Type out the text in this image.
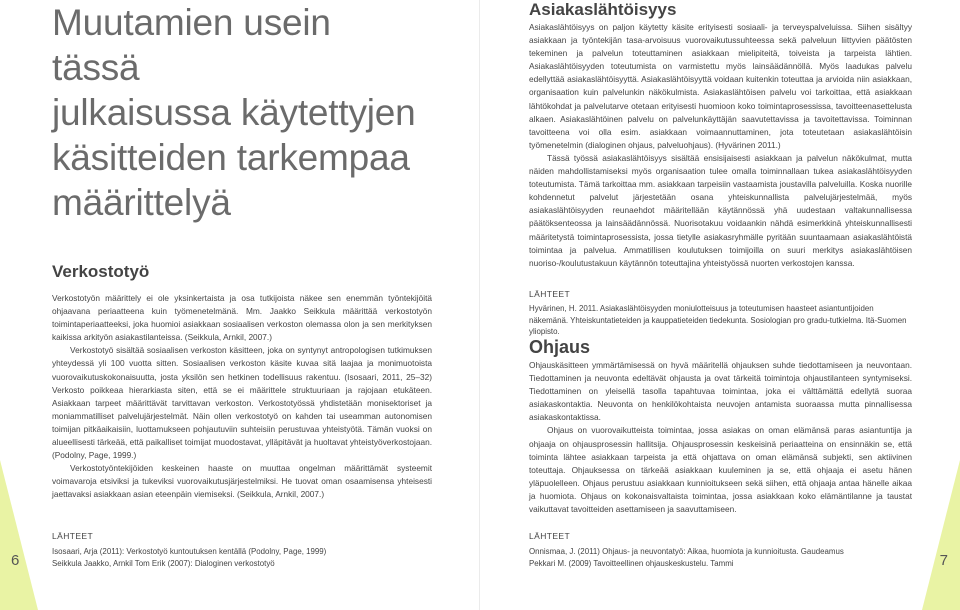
6
Muutamien usein tässä
julkaisussa käytettyjen
käsitteiden tarkempaa
määrittelyä
Verkostotyö

Verkostotyön määrittely ei ole yksinkertaista ja osa tutkijoista näkee sen enemmän työntekijöitä ohjaavana periaatteena kuin työmenetelmänä. Mm. Jaakko Seikkula määrittää verkostotyön toimintaperiaatteeksi, joka huomioi asiakkaan sosiaalisen verkoston olemassa olon ja sen merkityksen kaikissa arkityön asiakastilanteissa. (Seikkula, Arnkil, 2007.)

Verkostotyö sisältää sosiaalisen verkoston käsitteen, joka on syntynyt antropologisen tutkimuksen yhteydessä yli 100 vuotta sitten. Sosiaalisen verkoston käsite kuvaa sitä laajaa ja monimuotoista vuorovaikutuskokonaisuutta, josta yksilön sen hetkinen todellisuus rakentuu. (Isosaari, 2011, 25–32) Verkosto poikkeaa hierarkiasta siten, että se ei määrittele struktuuriaan ja rajojaan etukäteen. Asiakkaan tarpeet määrittävät tarvittavan verkoston. Verkostotyössä yhdistetään monisektoriset ja moniammatilliset palvelujärjestelmät. Näin ollen verkostotyö on kahden tai useamman autonomisen toimijan pitkäaikaisiin, luottamukseen pohjautuviin suhteisiin perustuvaa yhteistyötä. Tämän vuoksi on alueellisesti tärkeää, että paikalliset toimijat muodostavat, ylläpitävät ja huoltavat yhteistyöverkostojaan. (Podolny, Page, 1999.)

Verkostotyöntekijöiden keskeinen haaste on muuttaa ongelman määrittämät systeemit voimavaroja etsiviksi ja tukeviksi vuorovaikutusjärjestelmiksi. He tuovat oman osaamisensa yhteisesti jaettavaksi asiakkaan asian eteenpäin viemiseksi. (Seikkula, Arnkil, 2007.)

LÄHTEET

Isosaari, Arja (2011): Verkostotyö kuntoutuksen kentällä (Podolny, Page, 1999)

Seikkula Jaakko, Arnkil Tom Erik (2007): Dialoginen verkostotyö	7
Asiakaslähtöisyys

Asiakaslähtöisyys on paljon käytetty käsite erityisesti sosiaali- ja terveyspalveluissa. Siihen sisältyy asiakkaan ja työntekijän tasa-arvoisuus vuorovaikutussuhteessa sekä palveluun liittyvien päätösten tekeminen ja palvelun toteuttaminen asiakkaan mielipiteitä, toiveista ja tarpeista lähtien. Asiakaslähtöisyyden toteutumista on varmistettu myös lainsäädännöllä. Myös laadukas palvelu edellyttää asiakaslähtöisyyttä. Asiakaslähtöisyyttä voidaan kuitenkin toteuttaa ja arvioida niin asiakkaan, organisaation kuin palvelunkin näkökulmista. Asiakaslähtöisen palvelu voi tarkoittaa, että asiakkaan lähtökohdat ja palvelutarve otetaan erityisesti huomioon koko toimintaprosessissa, tavoitteenasettelusta alkaen. Asiakaslähtöinen palvelu on palvelunkäyttäjän saavutettavissa ja tavoitettavissa. Toiminnan tavoitteena voi olla esim. asiakkaan voimaannuttaminen, jota toteutetaan asiakaslähtöisin työmenetelmin (dialoginen ohjaus, palveluohjaus). (Hyvärinen 2011.)

Tässä työssä asiakaslähtöisyys sisältää ensisijaisesti asiakkaan ja palvelun näkökulmat, mutta näiden mahdollistamiseksi myös organisaation tulee omalla toiminnallaan tukea asiakaslähtöisyyden toteutumista. Tämä tarkoittaa mm. asiakkaan tarpeisiin vastaamista joustavilla palveluilla. Koska nuorille kohdennetut palvelut järjestetään osana yhteiskunnallista palvelujärjestelmää, myös asiakaslähtöisyyden reunaehdot määritellään käytännössä yhä uudestaan valtakunnallisessa päätöksenteossa ja lainsäädännössä. Nuorisotakuu voidaankin nähdä esimerkkinä yhteiskunnallisesti määritetystä toimintaprosessista, jossa tietylle asiakasryhmälle pyritään suuntaamaan asiakaslähtöistä toimintaa ja palvelua. Ammatillisen koulutuksen toimijoilla on suuri merkitys asiakaslähtöisen nuoriso-/koulutustakuun käytännön toteuttajina yhteistyössä nuorten verkostojen kanssa.

LÄHTEET

Hyvärinen, H. 2011. Asiakaslähtöisyyden moniulotteisuus ja toteutumisen haasteet asiantuntijoiden näkemänä. Yhteiskuntatieteiden ja kauppatieteiden tiedekunta. Sosiologian pro gradu-tutkielma. Itä-Suomen yliopisto.

Ohjaus

Ohjauskäsitteen ymmärtämisessä on hyvä määritellä ohjauksen suhde tiedottamiseen ja neuvontaan. Tiedottaminen ja neuvonta edeltävät ohjausta ja ovat tärkeitä toimintoja ohjaustilanteen syntymiseksi. Tiedottaminen on yleisellä tasolla tapahtuvaa toimintaa, joka ei välttämättä edellytä suoraa asiakaskontaktia. Neuvonta on henkilökohtaista neuvojen antamista suoraassa mutta pinnallisessa asiakaskontaktissa.

Ohjaus on vuorovaikutteista toimintaa, jossa asiakas on oman elämänsä paras asiantuntija ja ohjaaja on ohjausprosessin hallitsija. Ohjausprosessin keskeisinä periaatteina on ensinnäkin se, että toiminta lähtee asiakkaan tarpeista ja että ohjattava on oman elämänsä subjekti, sen aktiivinen toteuttaja. Ohjauksessa on tärkeää asiakkaan kuuleminen ja se, että ohjaaja ei asetu hänen yläpuolelleen. Ohjaus perustuu asiakkaan kunnioitukseen sekä siihen, että ohjaaja antaa hänelle aikaa ja huomiota. Ohjaus on kokonaisvaltaista toimintaa, jossa asiakkaan koko elämäntilanne ja taustat vaikuttavat tavoitteiden asettamiseen ja saavuttamiseen.

LÄHTEET

Onnismaa, J. (2011) Ohjaus- ja neuvontatyö: Aikaa, huomiota ja kunnioitusta. Gaudeamus

Pekkari M. (2009) Tavoitteellinen ohjauskeskustelu. Tammi
